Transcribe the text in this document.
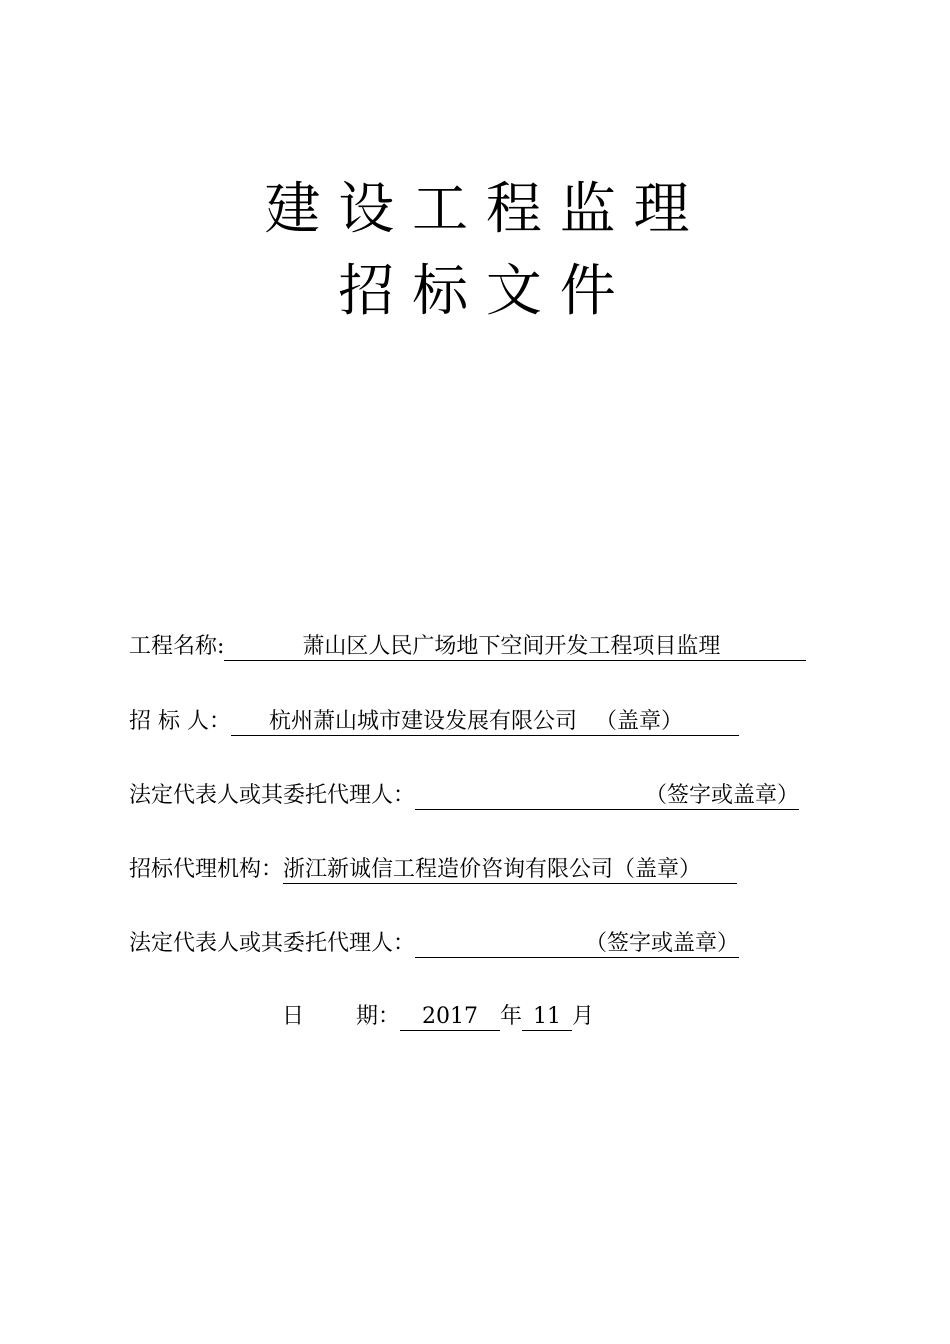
建 设 工 程 监 理
招 标 文 件

工程名称:	萧山区人民广场地下空间开发工程项目监理

招 标 人： 杭州萧山城市建设发展有限公司 （盖章）

法定代表人或其委托代理人：	（签字或盖章）

招标代理机构：浙江新诚信工程造价咨询有限公司（盖章）

法定代表人或其委托代理人：	（签字或盖章）

日 期： 2017 年 11 月
